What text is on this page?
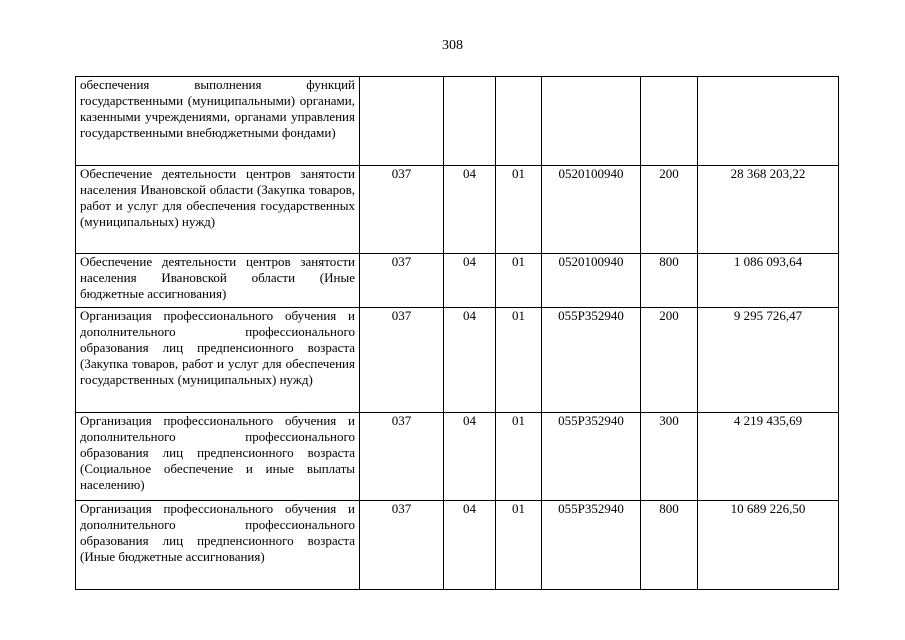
308
обеспечения выполнения функций государственными (муниципальными) органами, казенными учреждениями, органами управления государственными внебюджетными фондами)						
Обеспечение деятельности центров занятости населения Ивановской области (Закупка товаров, работ и услуг для обеспечения государственных (муниципальных) нужд)	037	04	01	0520100940	200	28 368 203,22
Обеспечение деятельности центров занятости населения Ивановской области (Иные бюджетные ассигнования)	037	04	01	0520100940	800	1 086 093,64
Организация профессионального обучения и дополнительного профессионального образования лиц предпенсионного возраста (Закупка товаров, работ и услуг для обеспечения государственных (муниципальных) нужд)	037	04	01	055P352940	200	9 295 726,47
Организация профессионального обучения и дополнительного профессионального образования лиц предпенсионного возраста (Социальное обеспечение и иные выплаты населению)	037	04	01	055P352940	300	4 219 435,69
Организация профессионального обучения и дополнительного профессионального образования лиц предпенсионного возраста (Иные бюджетные ассигнования)	037	04	01	055P352940	800	10 689 226,50
